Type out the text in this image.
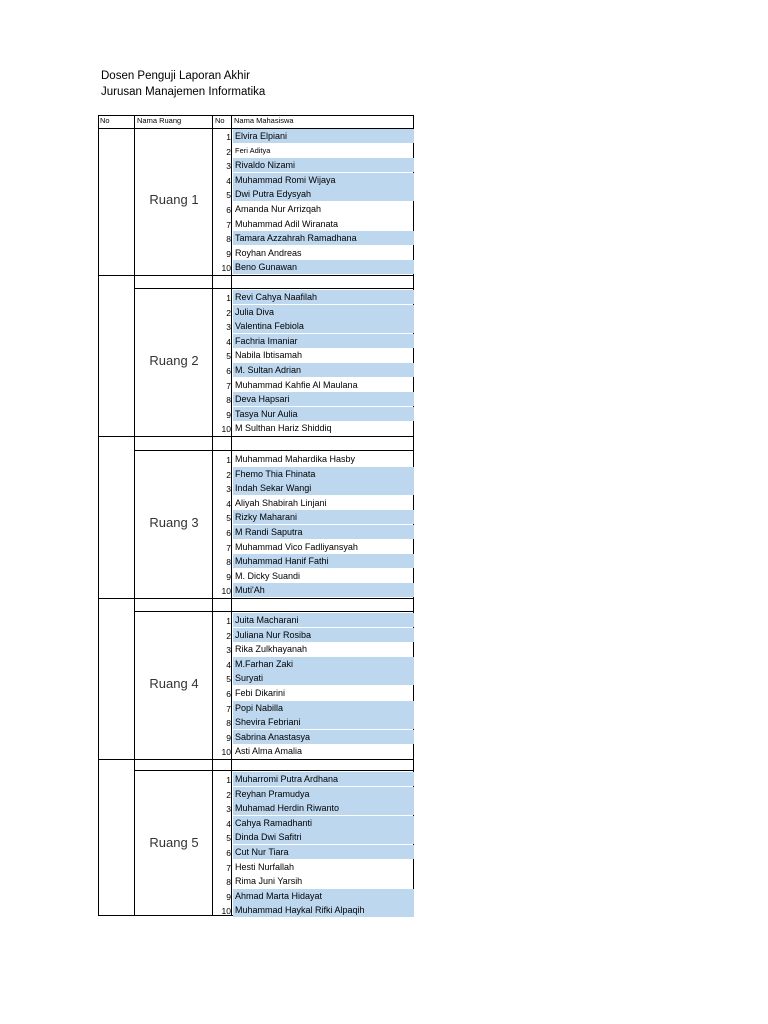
Dosen Penguji Laporan Akhir
Jurusan Manajemen Informatika
No	Nama Ruang	No Nama Mahasiswa
Ruang 1
1 Elvira Elpiani
2 Feri Aditya
3 Rivaldo Nizami
4 Muhammad Romi Wijaya
5 Dwi Putra Edysyah
6 Amanda Nur Arrizqah
7 Muhammad Adil Wiranata
8 Tamara Azzahrah Ramadhana
9 Royhan Andreas
10 Beno Gunawan
Ruang 2
1 Revi Cahya Naafilah
2 Julia Diva
3 Valentina Febiola
4 Fachria Imaniar
5 Nabila Ibtisamah
6 M. Sultan Adrian
7 Muhammad Kahfie Al Maulana
8 Deva Hapsari
9 Tasya Nur Aulia
10 M Sulthan Hariz Shiddiq
Ruang 3
1 Muhammad Mahardika Hasby
2 Fhemo Thia Fhinata
3 Indah Sekar Wangi
4 Aliyah Shabirah Linjani
5 Rizky Maharani
6 M Randi Saputra
7 Muhammad Vico Fadliyansyah
8 Muhammad Hanif Fathi
9 M. Dicky Suandi
10 Muti'Ah
Ruang 4
1 Juita Macharani
2 Juliana Nur Rosiba
3 Rika Zulkhayanah
4 M.Farhan Zaki
5 Suryati
6 Febi Dikarini
7 Popi Nabilla
8 Shevira Febriani
9 Sabrina Anastasya
10 Asti Alma Amalia
Ruang 5
1 Muharromi Putra Ardhana
2 Reyhan Pramudya
3 Muhamad Herdin Riwanto
4 Cahya Ramadhanti
5 Dinda Dwi Safitri
6 Cut Nur Tiara
7 Hesti Nurfallah
8 Rima Juni Yarsih
9 Ahmad Marta Hidayat
10 Muhammad Haykal Rifki Alpaqih
